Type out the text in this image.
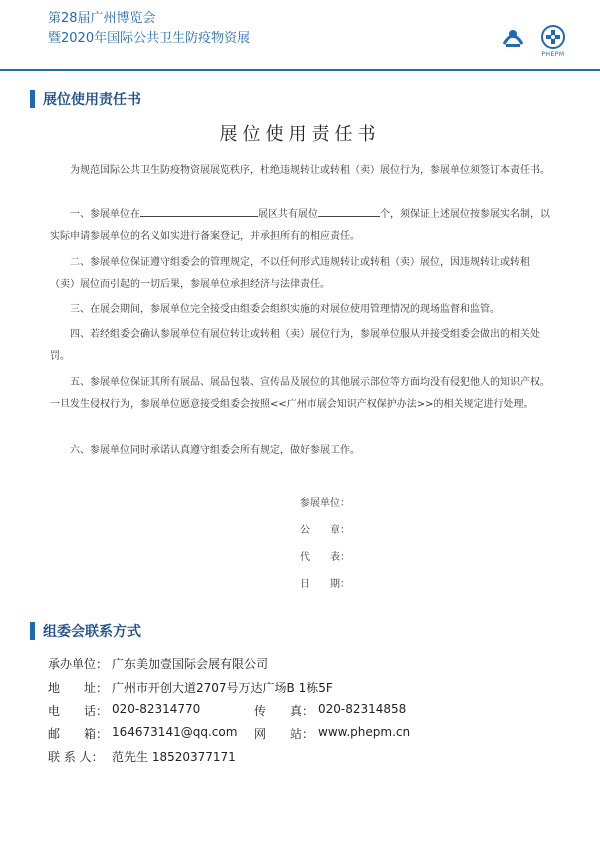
第28届广州博览会
暨2020年国际公共卫生防疫物资展
PHEPM
展位使用责任书
展位使用责任书
为规范国际公共卫生防疫物资展展览秩序，杜绝违规转让或转租（卖）展位行为，参展单位须签订本责任书。
一、参展单位在	展区共有展位	个，须保证上述展位按参展实名制，以实际申请参展单位的名义如实进行备案登记，并承担所有的相应责任。
二、参展单位保证遵守组委会的管理规定，不以任何形式违规转让或转租（卖）展位，因违规转让或转租（卖）展位而引起的一切后果，参展单位承担经济与法律责任。
三、在展会期间，参展单位完全接受由组委会组织实施的对展位使用管理情况的现场监督和监管。
四、若经组委会确认参展单位有展位转让或转租（卖）展位行为，参展单位服从并接受组委会做出的相关处罚。
五、参展单位保证其所有展品、展品包装、宣传品及展位的其他展示部位等方面均没有侵犯他人的知识产权。一旦发生侵权行为，参展单位愿意接受组委会按照<<广州市展会知识产权保护办法>>的相关规定进行处理。
六、参展单位同时承诺认真遵守组委会所有规定，做好参展工作。
参展单位：
公　　章：
代　　表：
日　　期：
组委会联系方式
承办单位： 广东美加壹国际会展有限公司
地　　址： 广州市开创大道2707号万达广场B 1栋5F
电　　话： 020-82314770	传　　真： 020-82314858
邮　　箱： 164673141@qq.com	网　　站： www.phepm.cn
联 系 人： 范先生 18520377171
